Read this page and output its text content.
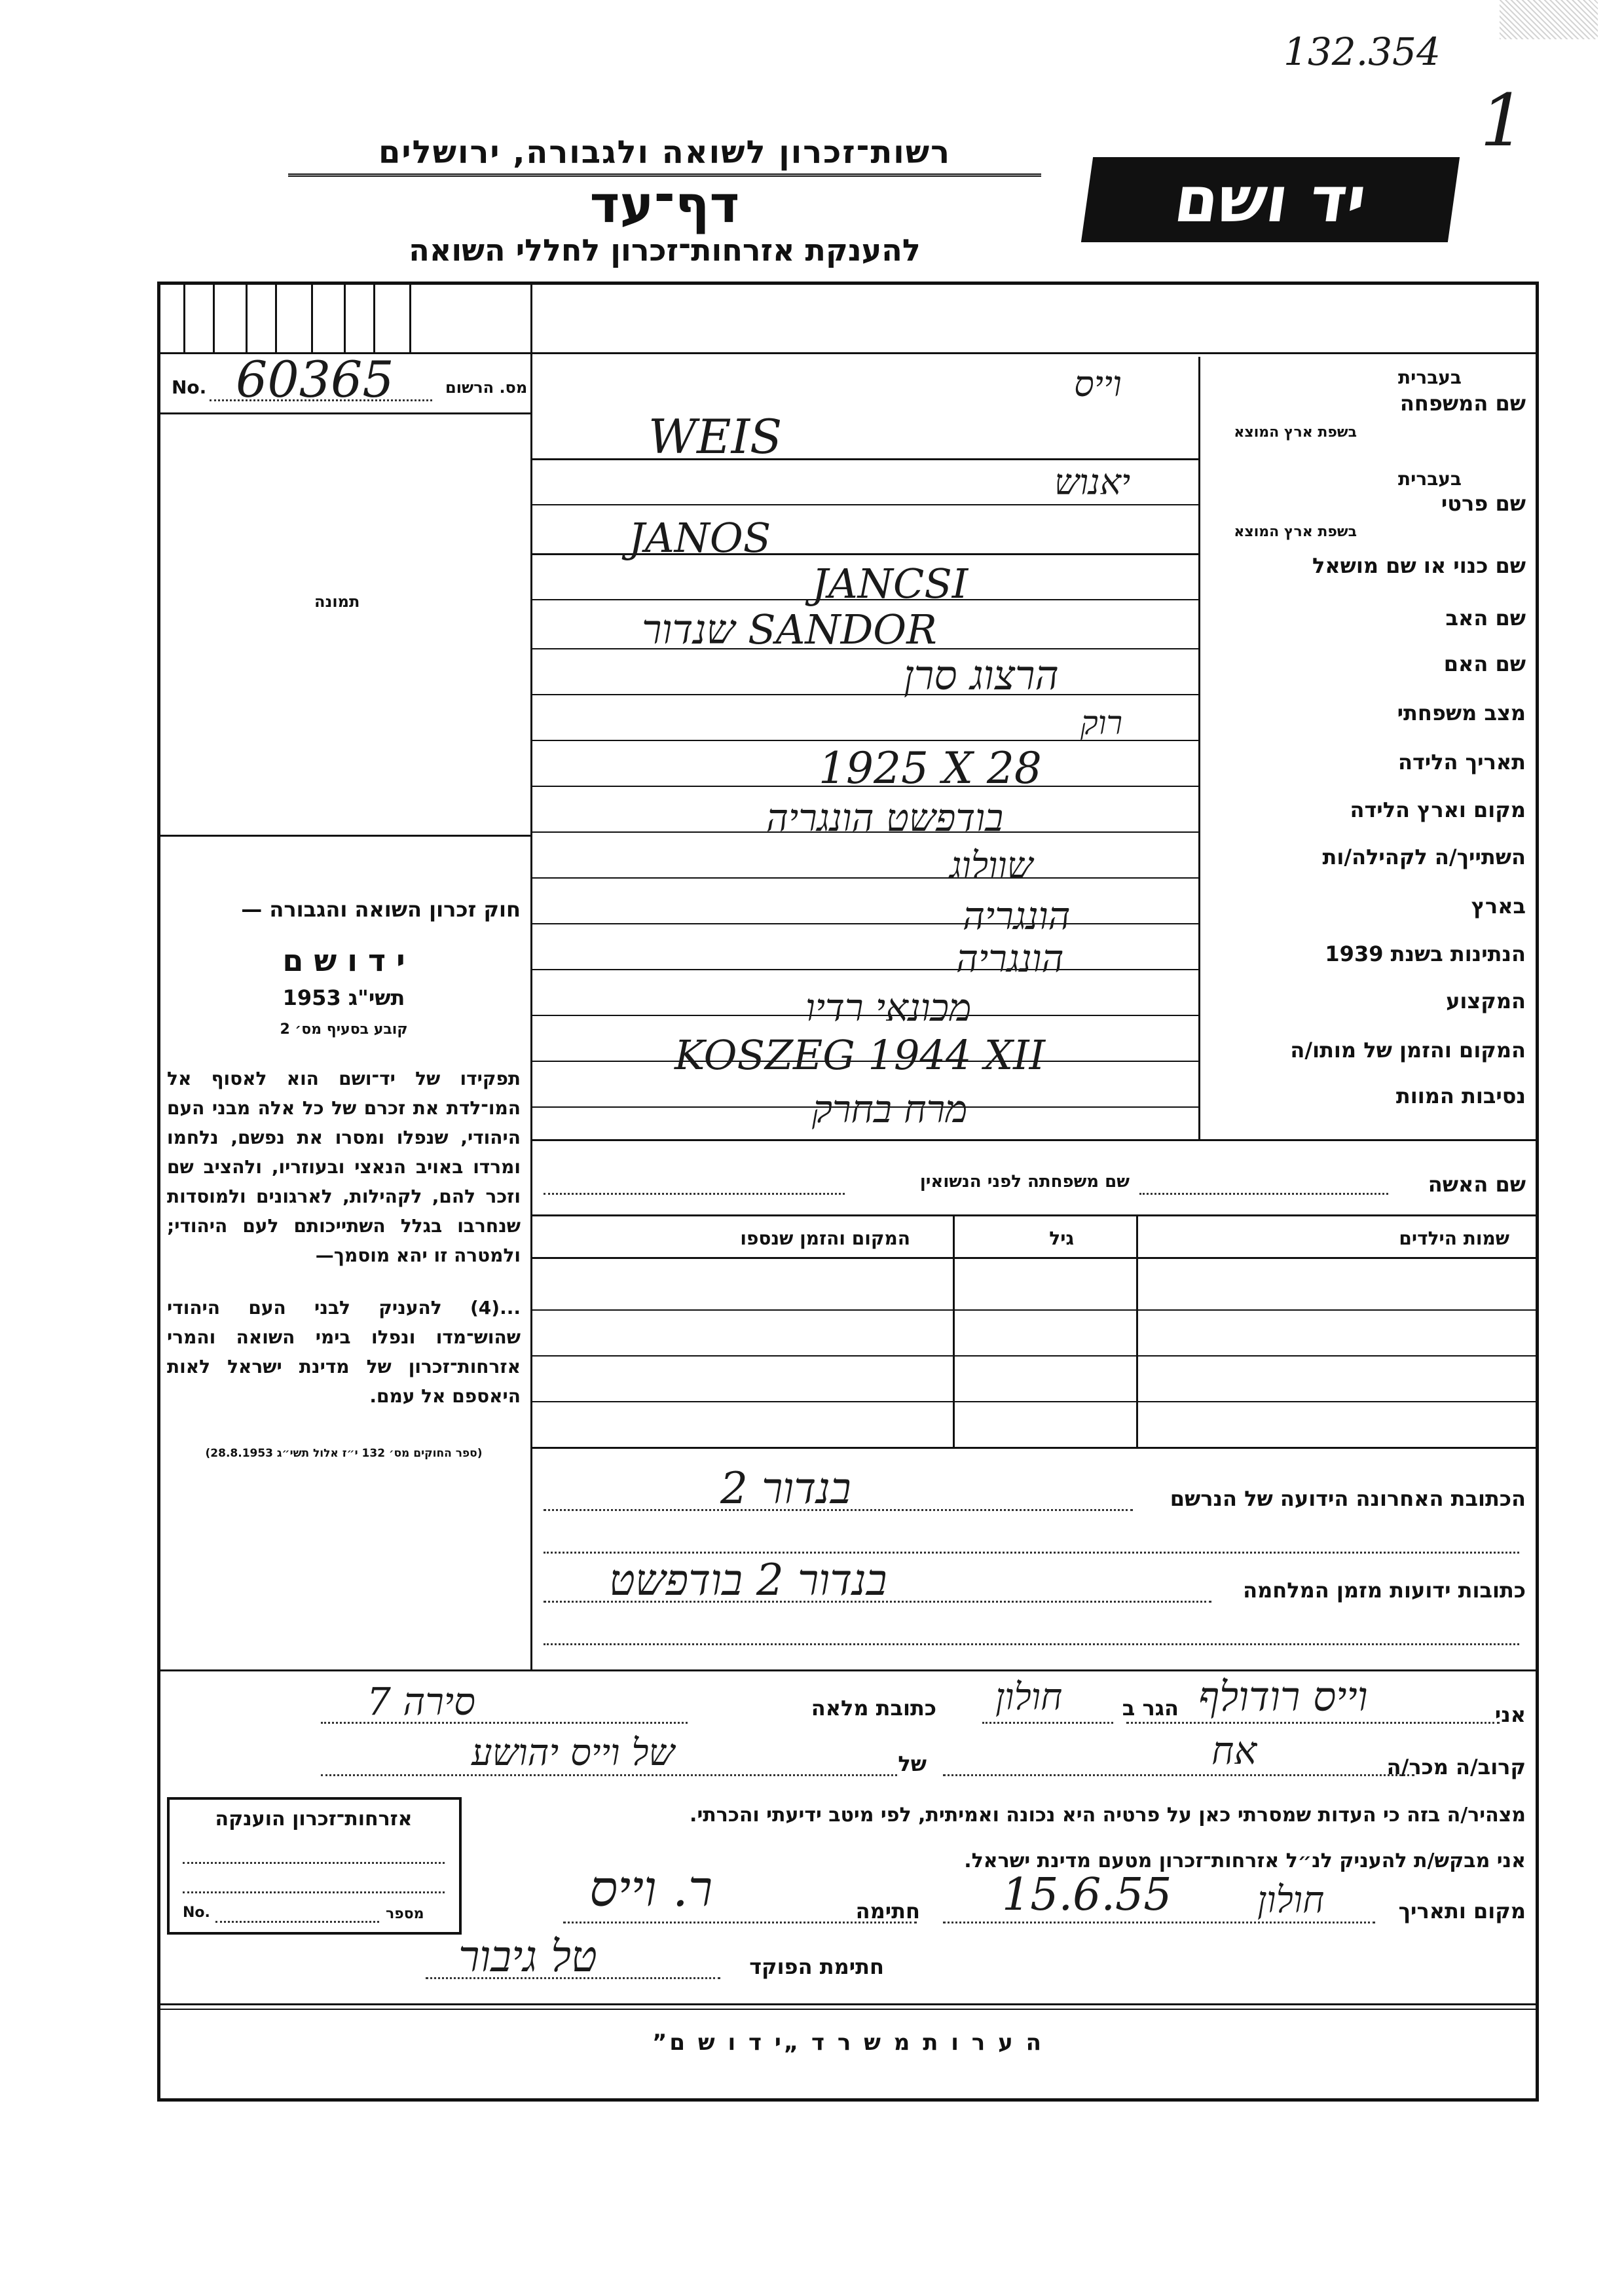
132.354
1
רשות־זכרון לשואה ולגבורה, ירושלים
דף־עד
להענקת אזרחות־זכרון לחללי השואה
יד ושם
No. 60365	מס. הרשום
תמונה
חוק זכרון השואה והגבורה —
י ד ו ש ם
תשי"ג 1953
קובע בסעיף מס׳ 2
תפקידו של יד־ושם הוא לאסוף אל המו־לדת את זכרם של כל אלה מבני העם היהודי, שנפלו ומסרו את נפשם, נלחמו ומרדו באויב הנאצי ובעוזריו, ולהציב שם וזכר להם, לקהילות, לארגונים ולמוסדות שנחרבו בגלל השתייכותם לעם היהודי; ולמטרה זו יהא מוסמך—
...(4) להעניק לבני העם היהודי שהוש־מדו ונפלו בימי השואה והמרי אזרחות־זכרון של מדינת ישראל לאות היאספם אל עמם.
(ספר החוקים מס׳ 132 י״ז אלול תשי״ג 28.8.1953)
בעברית
שם המשפחה
בשפת ארץ המוצא
בעברית
שם פרטי
בשפת ארץ המוצא
שם כנוי או שם מושאל
שם האב
שם האם
מצב משפחתי
תאריך הלידה
מקום וארץ הלידה
השתייך/ה לקהילה/ות
בארץ
הנתינות בשנת 1939
המקצוע
המקום והזמן של מותו/ה
נסיבות המוות
וייס
WEIS
יאנוש
JANOS
JANCSI
שנדור SANDOR
הרצוג סרן
רוק
1925 X 28
בודפשט הונגריה
שוולוג
הונגריה
הונגריה
מכונאי רדיו
KOSZEG 1944 XII
מרח בחרק
שם האשה
שם משפחתה לפני הנשואין
שמות הילדים
גיל
המקום והזמן שנספו
הכתובת האחרונה הידועה של הנרשם
בנדור 2
כתובות ידועות מזמן המלחמה
בנדור 2 בודפשט
אני
וייס רודולף
הגר ב
חולון
כתובת מלאה
סירה 7
קרוב/ה מכר/ה
אח
של
של וייס יהושע
מצהיר/ה בזה כי העדות שמסרתי כאן על פרטיה היא נכונה ואמיתית, לפי מיטב ידיעתי והכרתי.
אני מבקש/ת להעניק לנ״ל אזרחות־זכרון מטעם מדינת ישראל.
מקום ותאריך
חולון
15.6.55
חתימה
ר. וייס
חתימת הפוקד
טל גיבור
אזרחות־זכרון הוענקה
No.	מספר
ה ע ר ו ת מ ש ר ד „י ד ו ש ם”
